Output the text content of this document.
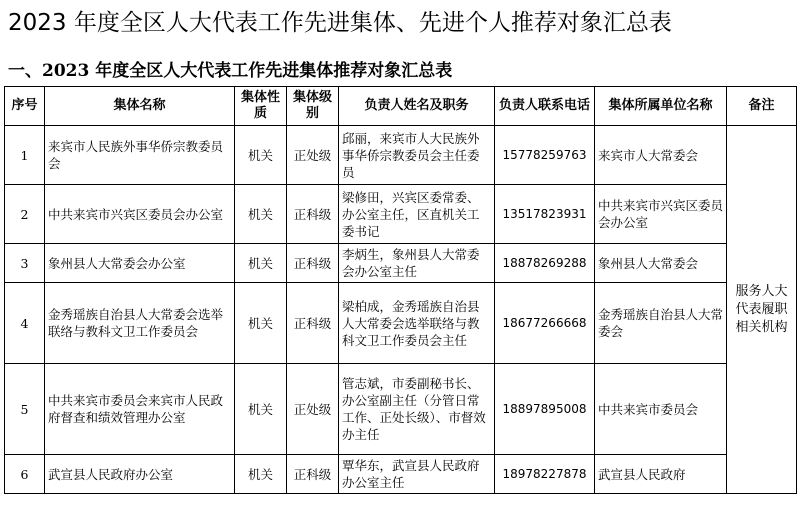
2023 年度全区人大代表工作先进集体、先进个人推荐对象汇总表
一、2023 年度全区人大代表工作先进集体推荐对象汇总表
序号	集体名称	集体性质	集体级别	负责人姓名及职务	负责人联系电话	集体所属单位名称	备注
1	来宾市人民族外事华侨宗教委员会	机关	正处级	邱丽，来宾市人大民族外事华侨宗教委员会主任委员	15778259763	来宾市人大常委会	服务人大代表履职相关机构
2	中共来宾市兴宾区委员会办公室	机关	正科级	梁修田，兴宾区委常委、办公室主任，区直机关工委书记	13517823931	中共来宾市兴宾区委员会办公室	
3	象州县人大常委会办公室	机关	正科级	李炳生，象州县人大常委会办公室主任	18878269288	象州县人大常委会	
4	金秀瑶族自治县人大常委会选举联络与教科文卫工作委员会	机关	正科级	梁柏成，金秀瑶族自治县人大常委会选举联络与教科文卫工作委员会主任	18677266668	金秀瑶族自治县人大常委会	
5	中共来宾市委员会来宾市人民政府督查和绩效管理办公室	机关	正处级	管志斌，市委副秘书长、办公室副主任（分管日常工作、正处长级）、市督效办主任	18897895008	中共来宾市委员会	
6	武宣县人民政府办公室	机关	正科级	覃华东，武宣县人民政府办公室主任	18978227878	武宣县人民政府	
